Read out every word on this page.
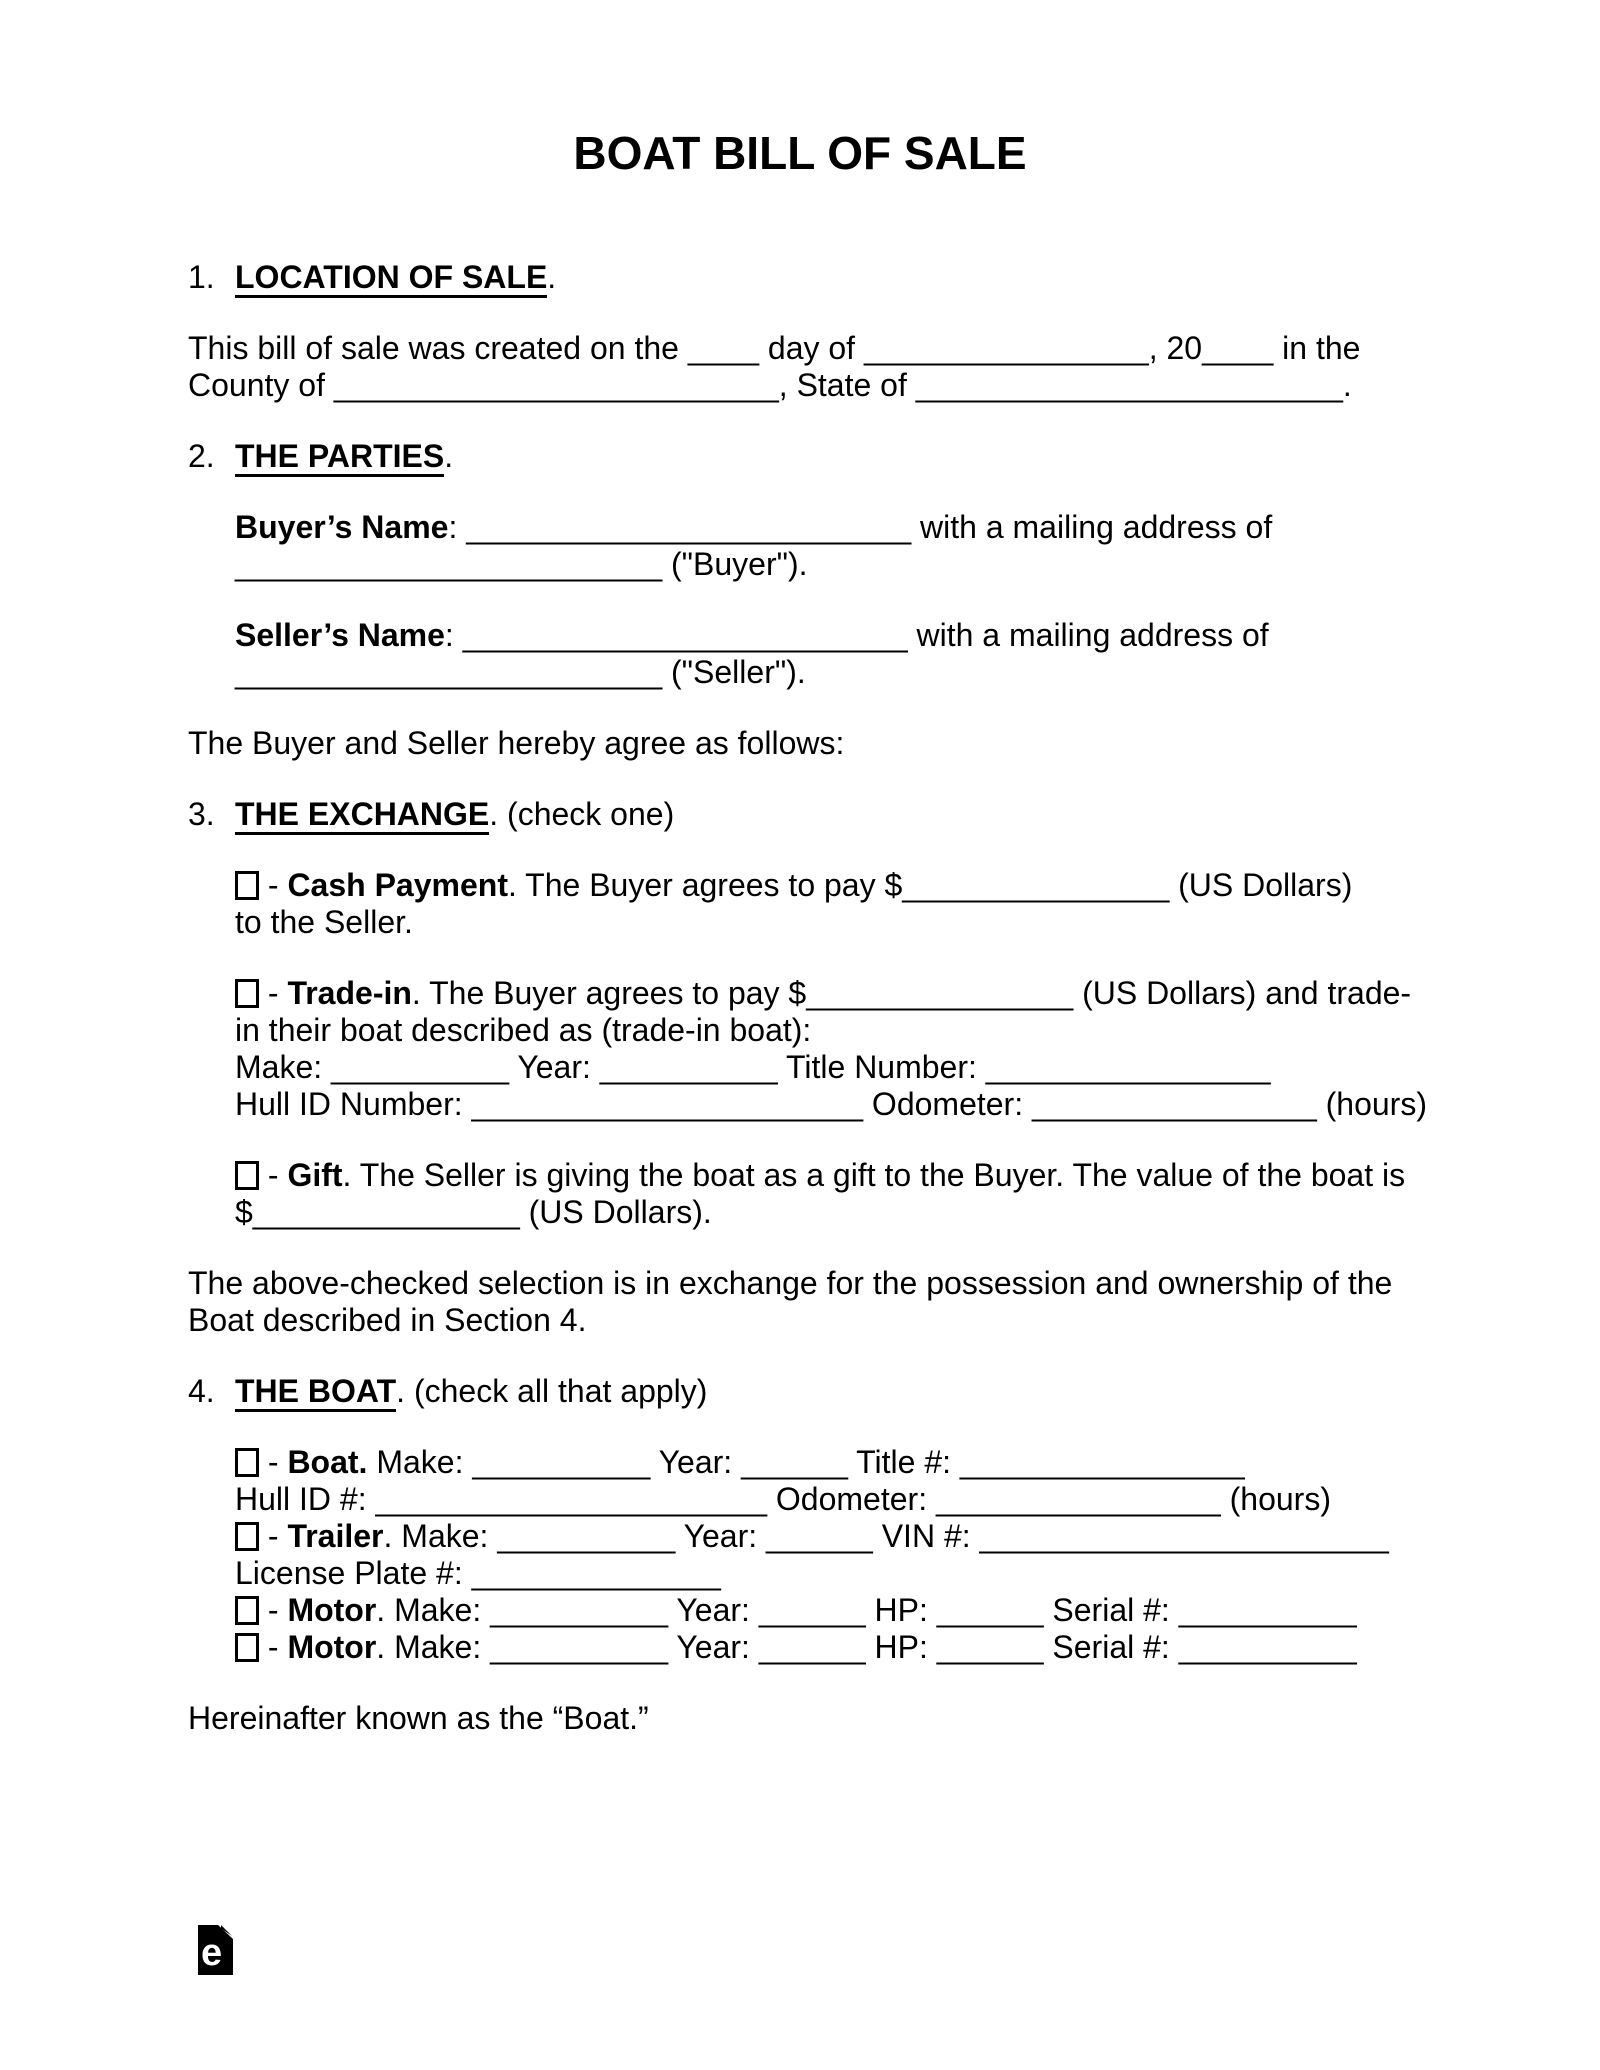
BOAT BILL OF SALE
1. LOCATION OF SALE.
This bill of sale was created on the ____ day of ________________, 20____ in the
County of _________________________, State of ________________________.
2. THE PARTIES.
Buyer’s Name: _________________________ with a mailing address of
________________________ ("Buyer").
Seller’s Name: _________________________ with a mailing address of
________________________ ("Seller").
The Buyer and Seller hereby agree as follows:
3. THE EXCHANGE. (check one)
- Cash Payment. The Buyer agrees to pay $_______________ (US Dollars)
to the Seller.
- Trade-in. The Buyer agrees to pay $_______________ (US Dollars) and trade-
in their boat described as (trade-in boat):
Make: __________ Year: __________ Title Number: ________________
Hull ID Number: ______________________ Odometer: ________________ (hours)
- Gift. The Seller is giving the boat as a gift to the Buyer. The value of the boat is
$_______________ (US Dollars).
The above-checked selection is in exchange for the possession and ownership of the
Boat described in Section 4.
4. THE BOAT. (check all that apply)
- Boat. Make: __________ Year: ______ Title #: ________________
Hull ID #: ______________________ Odometer: ________________ (hours)
- Trailer. Make: __________ Year: ______ VIN #: _______________________
License Plate #: ______________
- Motor. Make: __________ Year: ______ HP: ______ Serial #: __________
- Motor. Make: __________ Year: ______ HP: ______ Serial #: __________
Hereinafter known as the “Boat.”
e
